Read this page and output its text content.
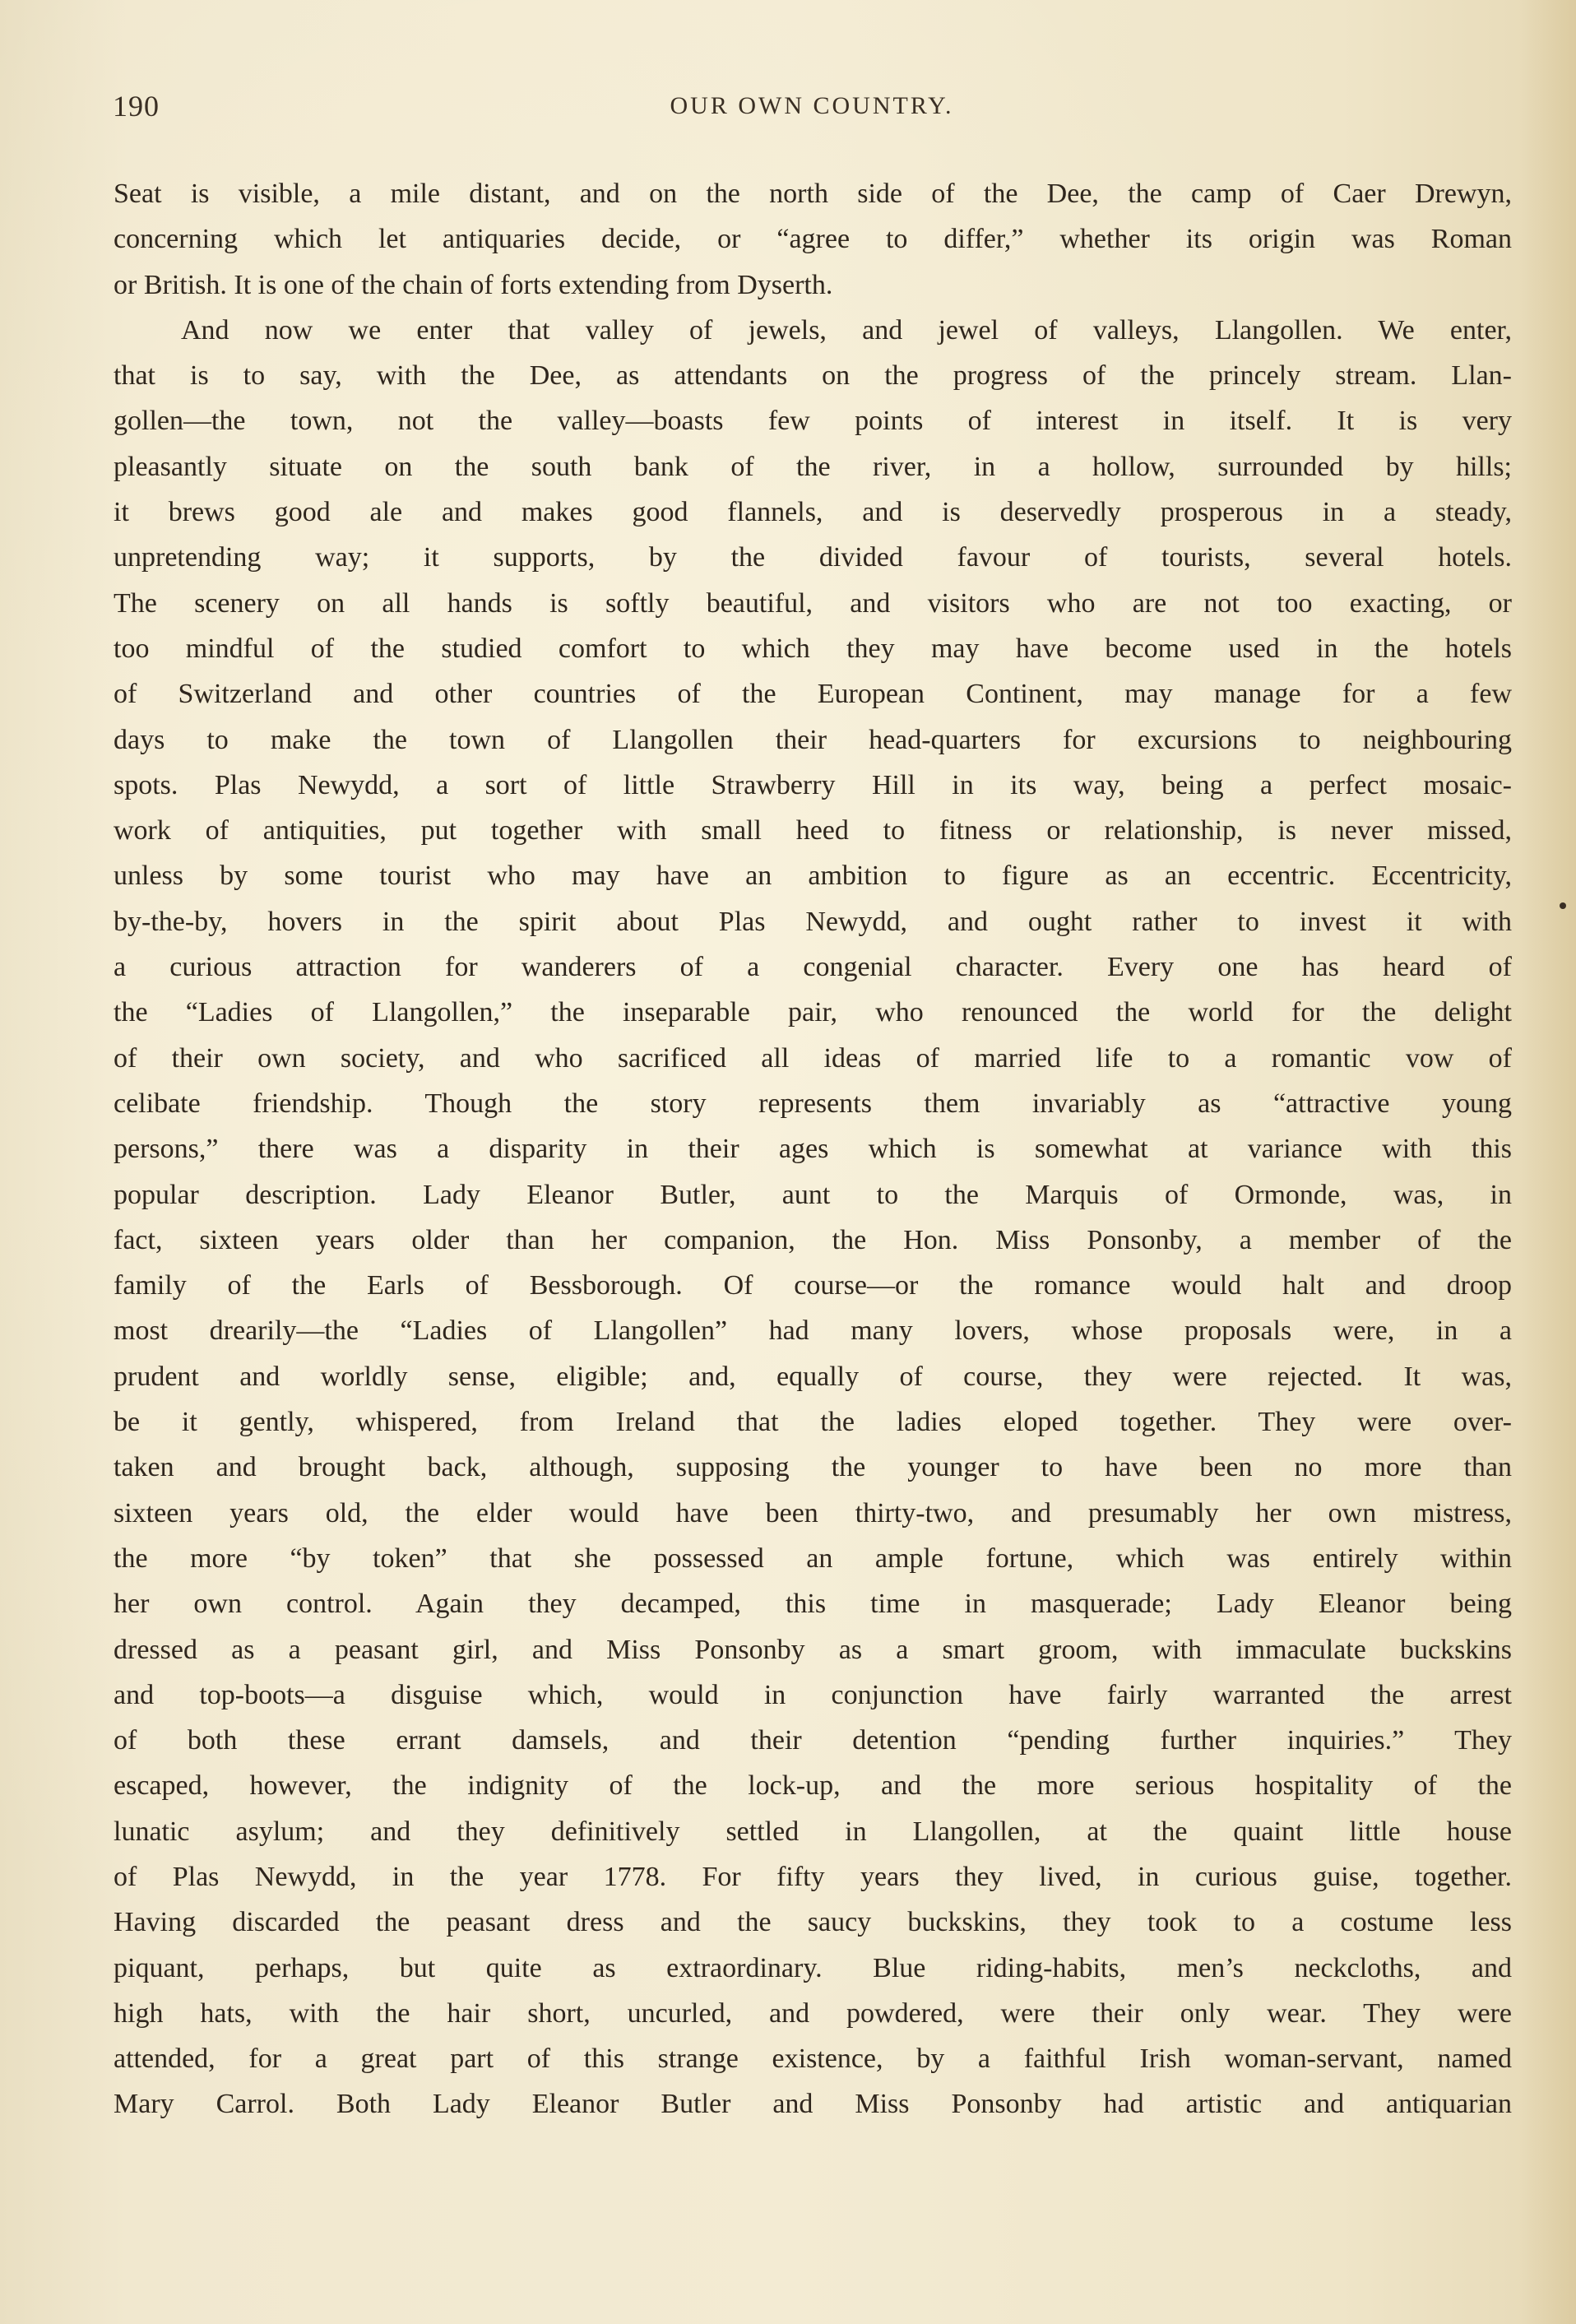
190	OUR OWN COUNTRY.
Seat is visible, a mile distant, and on the north side of the Dee, the camp of Caer Drewyn,
concerning which let antiquaries decide, or “agree to differ,” whether its origin was Roman
or British. It is one of the chain of forts extending from Dyserth.
And now we enter that valley of jewels, and jewel of valleys, Llangollen. We enter,
that is to say, with the Dee, as attendants on the progress of the princely stream. Llan-
gollen—the town, not the valley—boasts few points of interest in itself. It is very
pleasantly situate on the south bank of the river, in a hollow, surrounded by hills;
it brews good ale and makes good flannels, and is deservedly prosperous in a steady,
unpretending way; it supports, by the divided favour of tourists, several hotels.
The scenery on all hands is softly beautiful, and visitors who are not too exacting, or
too mindful of the studied comfort to which they may have become used in the hotels
of Switzerland and other countries of the European Continent, may manage for a few
days to make the town of Llangollen their head-quarters for excursions to neighbouring
spots. Plas Newydd, a sort of little Strawberry Hill in its way, being a perfect mosaic-
work of antiquities, put together with small heed to fitness or relationship, is never missed,
unless by some tourist who may have an ambition to figure as an eccentric. Eccentricity,
by-the-by, hovers in the spirit about Plas Newydd, and ought rather to invest it with
a curious attraction for wanderers of a congenial character. Every one has heard of
the “Ladies of Llangollen,” the inseparable pair, who renounced the world for the delight
of their own society, and who sacrificed all ideas of married life to a romantic vow of
celibate friendship. Though the story represents them invariably as “attractive young
persons,” there was a disparity in their ages which is somewhat at variance with this
popular description. Lady Eleanor Butler, aunt to the Marquis of Ormonde, was, in
fact, sixteen years older than her companion, the Hon. Miss Ponsonby, a member of the
family of the Earls of Bessborough. Of course—or the romance would halt and droop
most drearily—the “Ladies of Llangollen” had many lovers, whose proposals were, in a
prudent and worldly sense, eligible; and, equally of course, they were rejected. It was,
be it gently, whispered, from Ireland that the ladies eloped together. They were over-
taken and brought back, although, supposing the younger to have been no more than
sixteen years old, the elder would have been thirty-two, and presumably her own mistress,
the more “by token” that she possessed an ample fortune, which was entirely within
her own control. Again they decamped, this time in masquerade; Lady Eleanor being
dressed as a peasant girl, and Miss Ponsonby as a smart groom, with immaculate buckskins
and top-boots—a disguise which, would in conjunction have fairly warranted the arrest
of both these errant damsels, and their detention “pending further inquiries.” They
escaped, however, the indignity of the lock-up, and the more serious hospitality of the
lunatic asylum; and they definitively settled in Llangollen, at the quaint little house
of Plas Newydd, in the year 1778. For fifty years they lived, in curious guise, together.
Having discarded the peasant dress and the saucy buckskins, they took to a costume less
piquant, perhaps, but quite as extraordinary. Blue riding-habits, men’s neckcloths, and
high hats, with the hair short, uncurled, and powdered, were their only wear. They were
attended, for a great part of this strange existence, by a faithful Irish woman-servant, named
Mary Carrol. Both Lady Eleanor Butler and Miss Ponsonby had artistic and antiquarian
